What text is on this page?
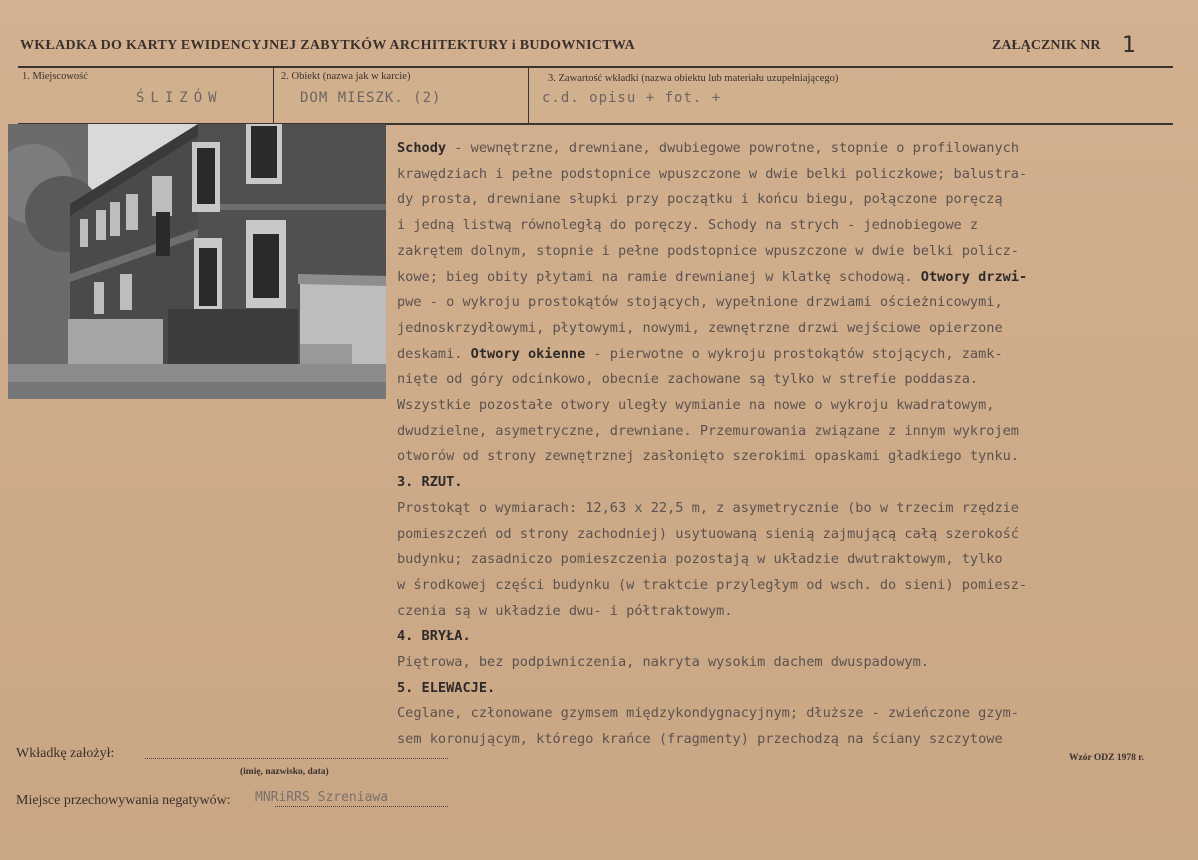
WKŁADKA DO KARTY EWIDENCYJNEJ ZABYTKÓW ARCHITEKTURY i BUDOWNICTWA	ZAŁĄCZNIK NR 1
1. Miejscowość
ŚLIZÓW
2. Obiekt (nazwa jak w karcie)
DOM MIESZK. (2)
3. Zawartość wkładki (nazwa obiektu lub materiału uzupełniającego)
c.d. opisu + fot. +
Schody - wewnętrzne, drewniane, dwubiegowe powrotne, stopnie o profilowanych
krawędziach i pełne podstopnice wpuszczone w dwie belki policzkowe; balustra-
dy prosta, drewniane słupki przy początku i końcu biegu, połączone poręczą
i jedną listwą równoległą do poręczy. Schody na strych - jednobiegowe z
zakrętem dolnym, stopnie i pełne podstopnice wpuszczone w dwie belki policz-
kowe; bieg obity płytami na ramie drewnianej w klatkę schodową. Otwory drzwi-
pwe - o wykroju prostokątów stojących, wypełnione drzwiami ościeżnicowymi,
jednoskrzydłowymi, płytowymi, nowymi, zewnętrzne drzwi wejściowe opierzone
deskami. Otwory okienne - pierwotne o wykroju prostokątów stojących, zamk-
nięte od góry odcinkowo, obecnie zachowane są tylko w strefie poddasza.
Wszystkie pozostałe otwory uległy wymianie na nowe o wykroju kwadratowym,
dwudzielne, asymetryczne, drewniane. Przemurowania związane z innym wykrojem
otworów od strony zewnętrznej zasłonięto szerokimi opaskami gładkiego tynku.
3. RZUT.
Prostokąt o wymiarach: 12,63 x 22,5 m, z asymetrycznie (bo w trzecim rzędzie
pomieszczeń od strony zachodniej) usytuowaną sienią zajmującą całą szerokość
budynku; zasadniczo pomieszczenia pozostają w układzie dwutraktowym, tylko
w środkowej części budynku (w traktcie przyległym od wsch. do sieni) pomiesz-
czenia są w układzie dwu- i półtraktowym.
4. BRYŁA.
Piętrowa, bez podpiwniczenia, nakryta wysokim dachem dwuspadowym.
5. ELEWACJE.
Ceglane, członowane gzymsem międzykondygnacyjnym; dłuższe - zwieńczone gzym-
sem koronującym, którego krańce (fragmenty) przechodzą na ściany szczytowe
Wkładkę założył:
(imię, nazwisko, data)
Miejsce przechowywania negatywów: MNRiRRS Szreniawa
Wzór ODZ 1978 r.
